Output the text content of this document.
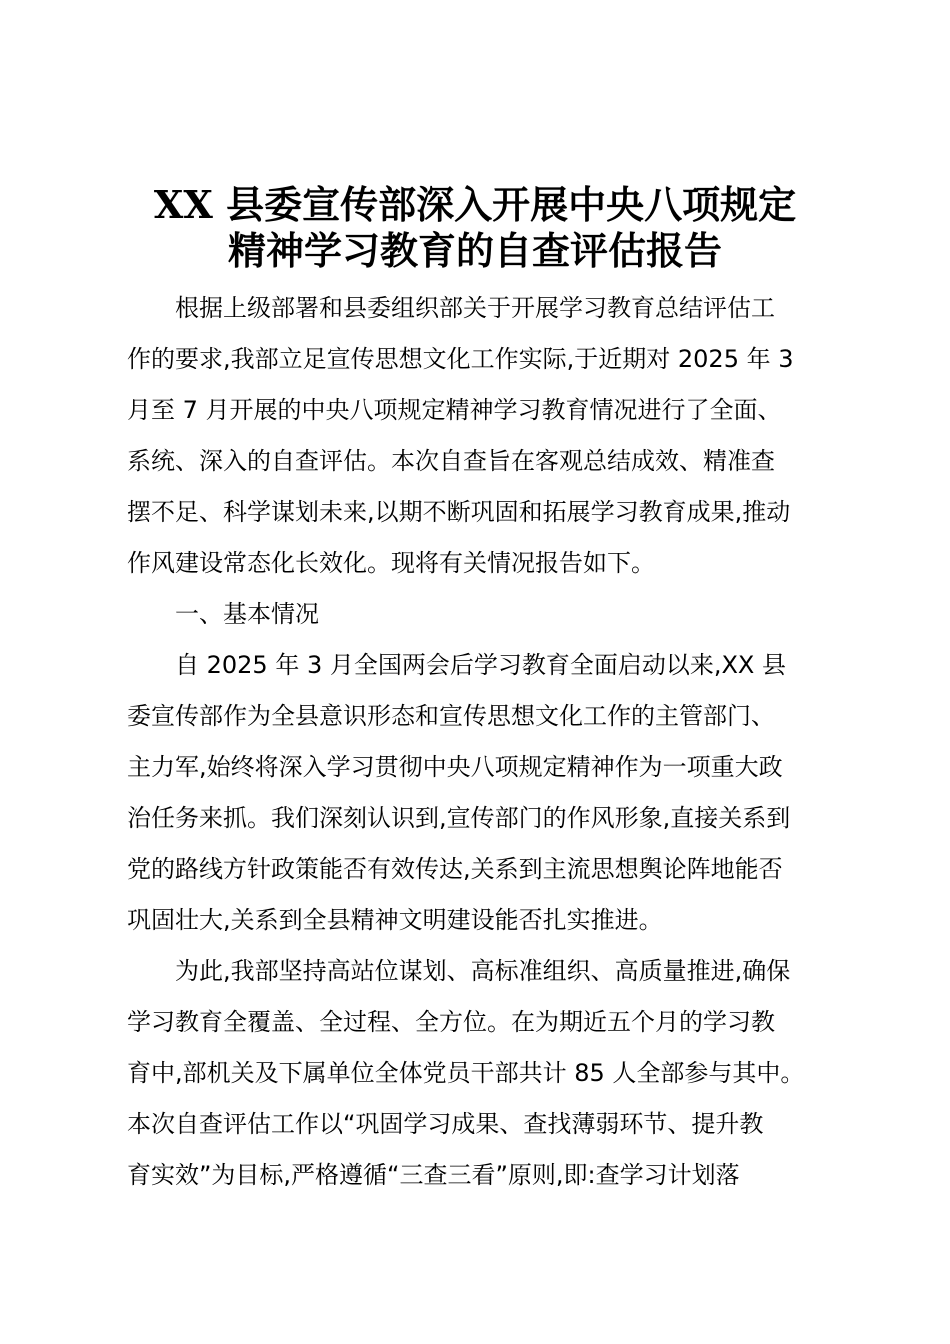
XX 县委宣传部深入开展中央八项规定
精神学习教育的自查评估报告

根据上级部署和县委组织部关于开展学习教育总结评估工

作的要求,我部立足宣传思想文化工作实际,于近期对 2025 年 3

月至 7 月开展的中央八项规定精神学习教育情况进行了全面、

系统、深入的自查评估。本次自查旨在客观总结成效、精准查

摆不足、科学谋划未来,以期不断巩固和拓展学习教育成果,推动

作风建设常态化长效化。现将有关情况报告如下。

一、基本情况

自 2025 年 3 月全国两会后学习教育全面启动以来,XX 县

委宣传部作为全县意识形态和宣传思想文化工作的主管部门、

主力军,始终将深入学习贯彻中央八项规定精神作为一项重大政

治任务来抓。我们深刻认识到,宣传部门的作风形象,直接关系到

党的路线方针政策能否有效传达,关系到主流思想舆论阵地能否

巩固壮大,关系到全县精神文明建设能否扎实推进。

为此,我部坚持高站位谋划、高标准组织、高质量推进,确保

学习教育全覆盖、全过程、全方位。在为期近五个月的学习教

育中,部机关及下属单位全体党员干部共计 85 人全部参与其中。

本次自查评估工作以“巩固学习成果、查找薄弱环节、提升教

育实效”为目标,严格遵循“三查三看”原则,即:查学习计划落
